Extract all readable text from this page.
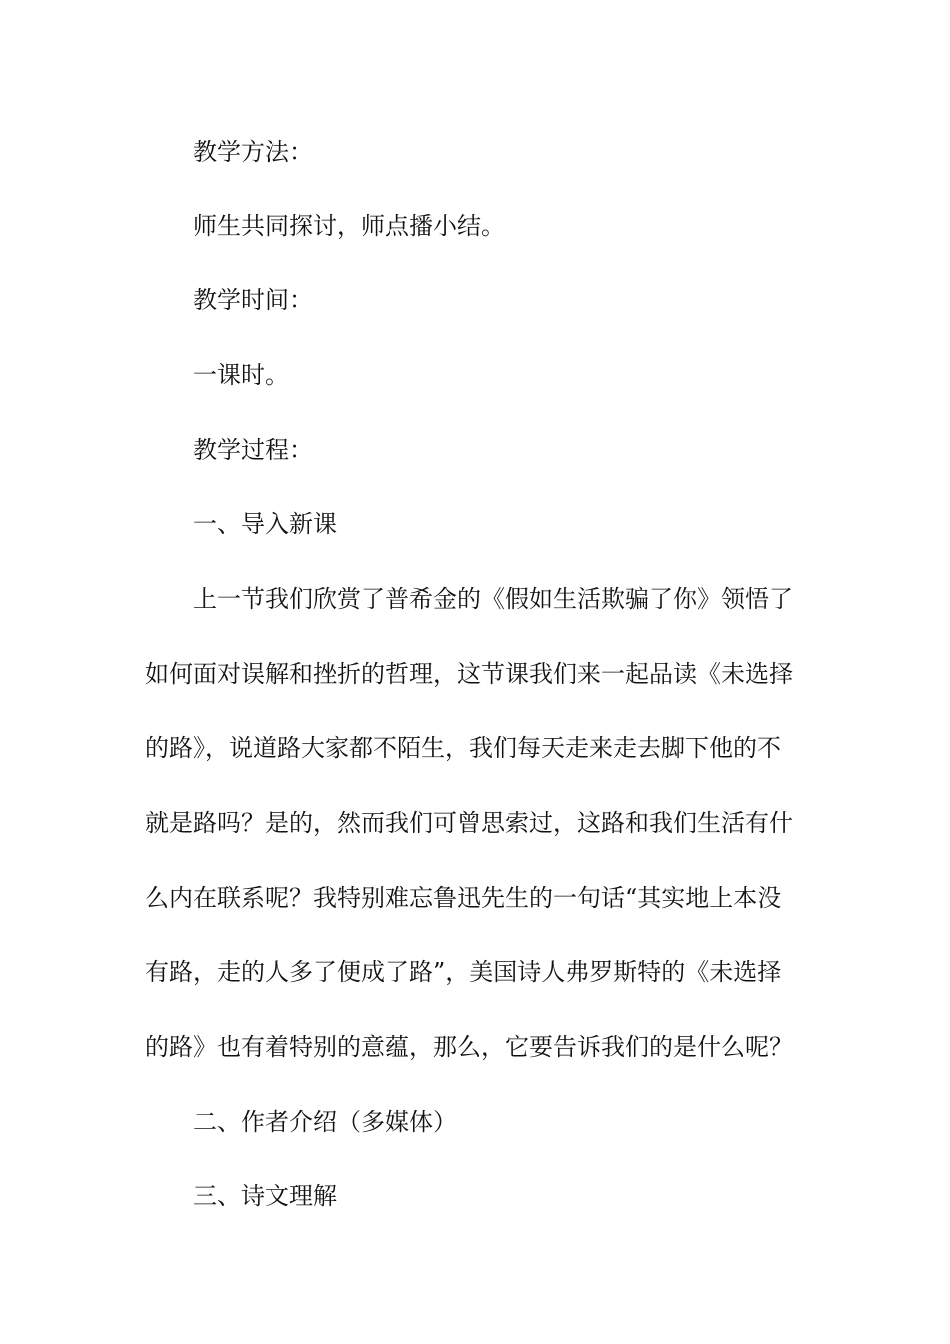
教学方法：
师生共同探讨，师点播小结。
教学时间：
一课时。
教学过程：
一、导入新课
上一节我们欣赏了普希金的《假如生活欺骗了你》领悟了
如何面对误解和挫折的哲理，这节课我们来一起品读《未选择
的路》，说道路大家都不陌生，我们每天走来走去脚下他的不
就是路吗？是的，然而我们可曾思索过，这路和我们生活有什
么内在联系呢？我特别难忘鲁迅先生的一句话“其实地上本没
有路，走的人多了便成了路”，美国诗人弗罗斯特的《未选择
的路》也有着特别的意蕴，那么，它要告诉我们的是什么呢？
二、作者介绍（多媒体）
三、诗文理解
